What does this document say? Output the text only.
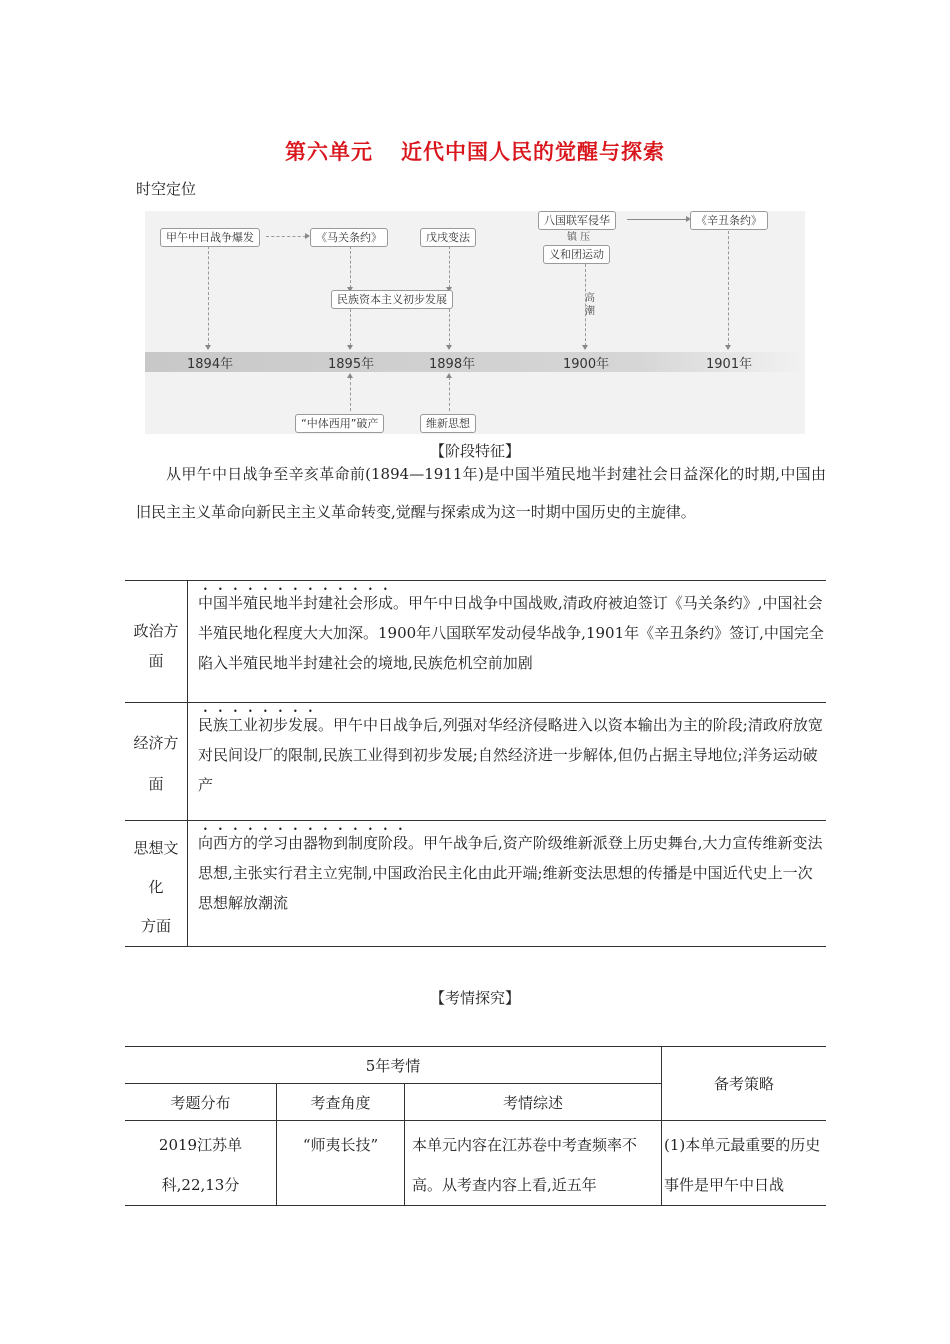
第六单元 近代中国人民的觉醒与探索
时空定位
甲午中日战争爆发	《马关条约》	戊戌变法
八国联军侵华	《辛丑条约》
镇 压
义和团运动
高
潮
民族资本主义初步发展
“中体西用”破产	维新思想
1894年	1895年	1898年	1900年	1901年
【阶段特征】
从甲午中日战争至辛亥革命前(1894—1911年)是中国半殖民地半封建社会日益深化的时期,中国由旧民主主义革命向新民主主义革命转变,觉醒与探索成为这一时期中国历史的主旋律。
政治方
面	中国半殖民地半封建社会形成。甲午中日战争中国战败,清政府被迫签订《马关条约》,中国社会半殖民地化程度大大加深。1900年八国联军发动侵华战争,1901年《辛丑条约》签订,中国完全陷入半殖民地半封建社会的境地,民族危机空前加剧

经济方
面	民族工业初步发展。甲午中日战争后,列强对华经济侵略进入以资本输出为主的阶段;清政府放宽对民间设厂的限制,民族工业得到初步发展;自然经济进一步解体,但仍占据主导地位;洋务运动破产

思想文
化
方面	向西方的学习由器物到制度阶段。甲午战争后,资产阶级维新派登上历史舞台,大力宣传维新变法思想,主张实行君主立宪制,中国政治民主化由此开端;维新变法思想的传播是中国近代史上一次思想解放潮流
【考情探究】
5年考情			备考策略
考题分布	考查角度	考情综述	
2019江苏单科,22,13分	“师夷长技”	本单元内容在江苏卷中考查频率不高。从考查内容上看,近五年	(1)本单元最重要的历史事件是甲午中日战
